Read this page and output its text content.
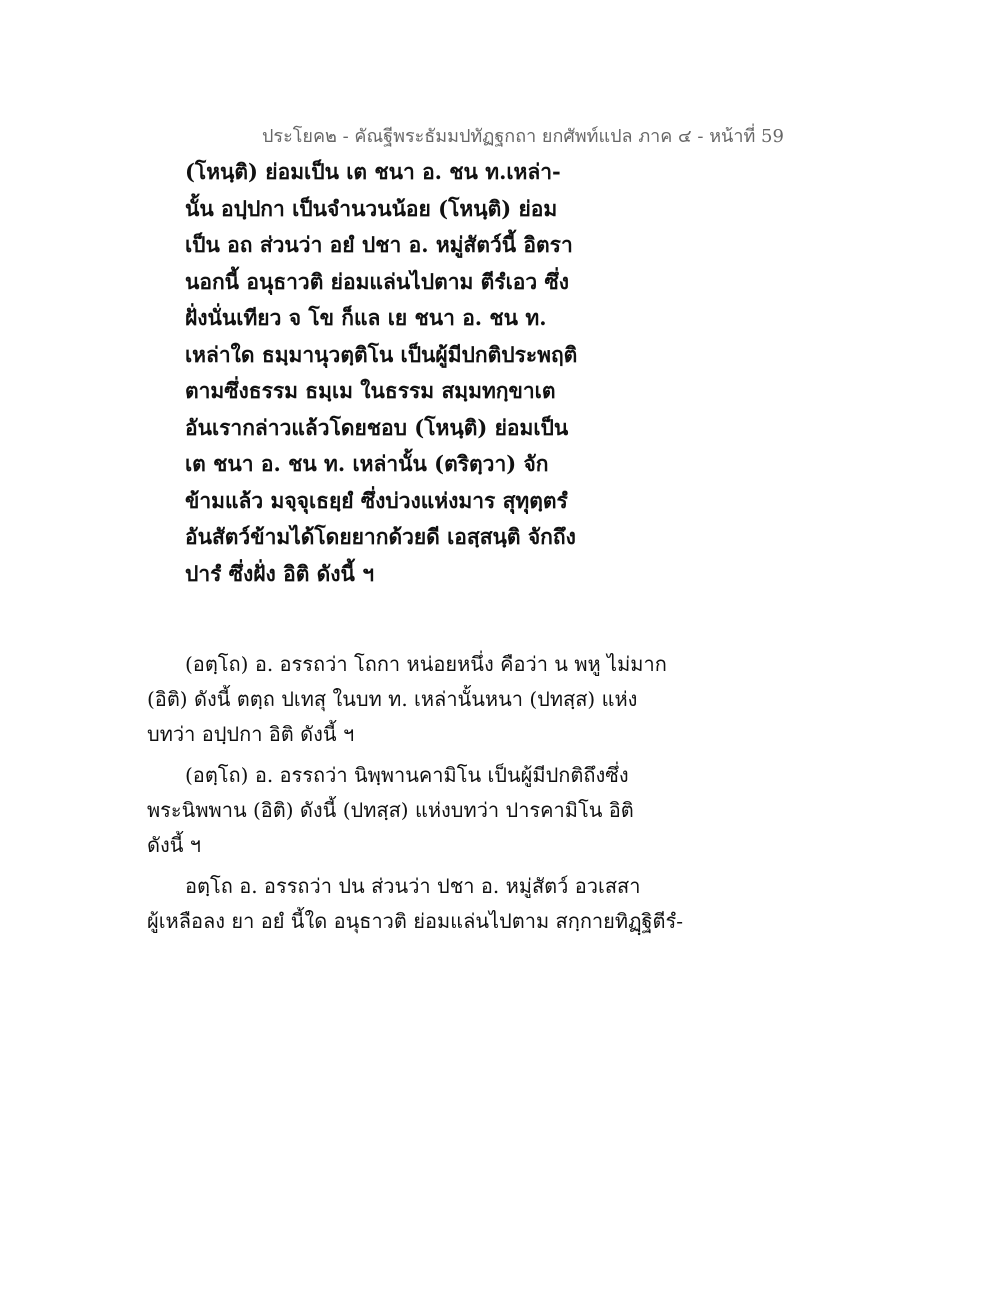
ประโยค๒ - คัณฐีพระธัมมปทัฏฐกถา ยกศัพท์แปล ภาค ๔ - หน้าที่ 59
(โหนฺติ) ย่อมเป็น เต ชนา อ. ชน ท.เหล่า-
นั้น อปฺปกา เป็นจำนวนน้อย (โหนฺติ) ย่อม
เป็น อถ ส่วนว่า อยํ ปชา อ. หมู่สัตว์นี้ อิตรา
นอกนี้ อนุธาวติ ย่อมแล่นไปตาม ตีรํเอว ซึ่ง
ฝั่งนั่นเทียว จ โข ก็แล เย ชนา อ. ชน ท.
เหล่าใด ธมฺมานุวตฺติโน เป็นผู้มีปกติประพฤติ
ตามซึ่งธรรม ธมฺเม ในธรรม สมฺมทกฺขาเต
อันเรากล่าวแล้วโดยชอบ (โหนฺติ) ย่อมเป็น
เต ชนา อ. ชน ท. เหล่านั้น (ตริตฺวา) จัก
ข้ามแล้ว มจฺจุเธยฺยํ ซึ่งบ่วงแห่งมาร สุทุตฺตรํ
อันสัตว์ข้ามได้โดยยากด้วยดี เอสฺสนฺติ จักถึง
ปารํ ซึ่งฝั่ง อิติ ดังนี้ ฯ
(อตฺโถ) อ. อรรถว่า โถกา หน่อยหนึ่ง คือว่า น พหู ไม่มาก
(อิติ) ดังนี้ ตตฺถ ปเทสุ ในบท ท. เหล่านั้นหนา (ปทสฺส) แห่ง
บทว่า อปฺปกา อิติ ดังนี้ ฯ
(อตฺโถ) อ. อรรถว่า นิพฺพานคามิโน เป็นผู้มีปกติถึงซึ่ง
พระนิพพาน (อิติ) ดังนี้ (ปทสฺส) แห่งบทว่า ปารคามิโน อิติ
ดังนี้ ฯ
อตฺโถ อ. อรรถว่า ปน ส่วนว่า ปชา อ. หมู่สัตว์ อวเสสา
ผู้เหลือลง ยา อยํ นี้ใด อนุธาวติ ย่อมแล่นไปตาม สกฺกายทิฏฺฐิตีรํ-
